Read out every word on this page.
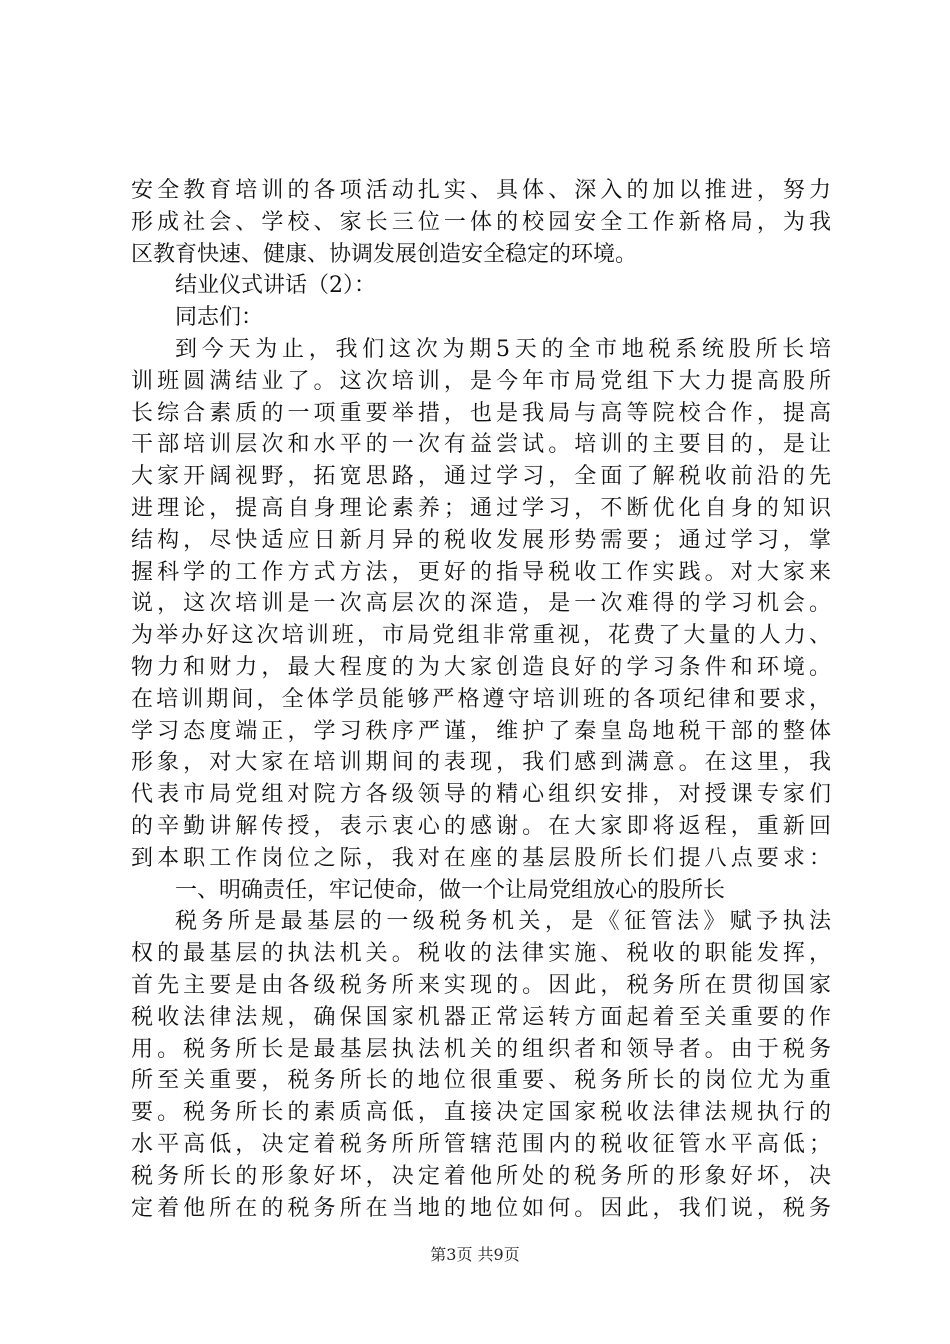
安全教育培训的各项活动扎实、具体、深入的加以推进，努力
形成社会、学校、家长三位一体的校园安全工作新格局，为我
区教育快速、健康、协调发展创造安全稳定的环境。
结业仪式讲话（2）：
同志们：
到今天为止，我们这次为期5天的全市地税系统股所长培
训班圆满结业了。这次培训，是今年市局党组下大力提高股所
长综合素质的一项重要举措，也是我局与高等院校合作，提高
干部培训层次和水平的一次有益尝试。培训的主要目的，是让
大家开阔视野，拓宽思路，通过学习，全面了解税收前沿的先
进理论，提高自身理论素养；通过学习，不断优化自身的知识
结构，尽快适应日新月异的税收发展形势需要；通过学习，掌
握科学的工作方式方法，更好的指导税收工作实践。对大家来
说，这次培训是一次高层次的深造，是一次难得的学习机会。
为举办好这次培训班，市局党组非常重视，花费了大量的人力、
物力和财力，最大程度的为大家创造良好的学习条件和环境。
在培训期间，全体学员能够严格遵守培训班的各项纪律和要求，
学习态度端正，学习秩序严谨，维护了秦皇岛地税干部的整体
形象，对大家在培训期间的表现，我们感到满意。在这里，我
代表市局党组对院方各级领导的精心组织安排，对授课专家们
的辛勤讲解传授，表示衷心的感谢。在大家即将返程，重新回
到本职工作岗位之际，我对在座的基层股所长们提八点要求：
一、明确责任，牢记使命，做一个让局党组放心的股所长
税务所是最基层的一级税务机关，是《征管法》赋予执法
权的最基层的执法机关。税收的法律实施、税收的职能发挥，
首先主要是由各级税务所来实现的。因此，税务所在贯彻国家
税收法律法规，确保国家机器正常运转方面起着至关重要的作
用。税务所长是最基层执法机关的组织者和领导者。由于税务
所至关重要，税务所长的地位很重要、税务所长的岗位尤为重
要。税务所长的素质高低，直接决定国家税收法律法规执行的
水平高低，决定着税务所所管辖范围内的税收征管水平高低；
税务所长的形象好坏，决定着他所处的税务所的形象好坏，决
定着他所在的税务所在当地的地位如何。因此，我们说，税务
第3页 共9页
